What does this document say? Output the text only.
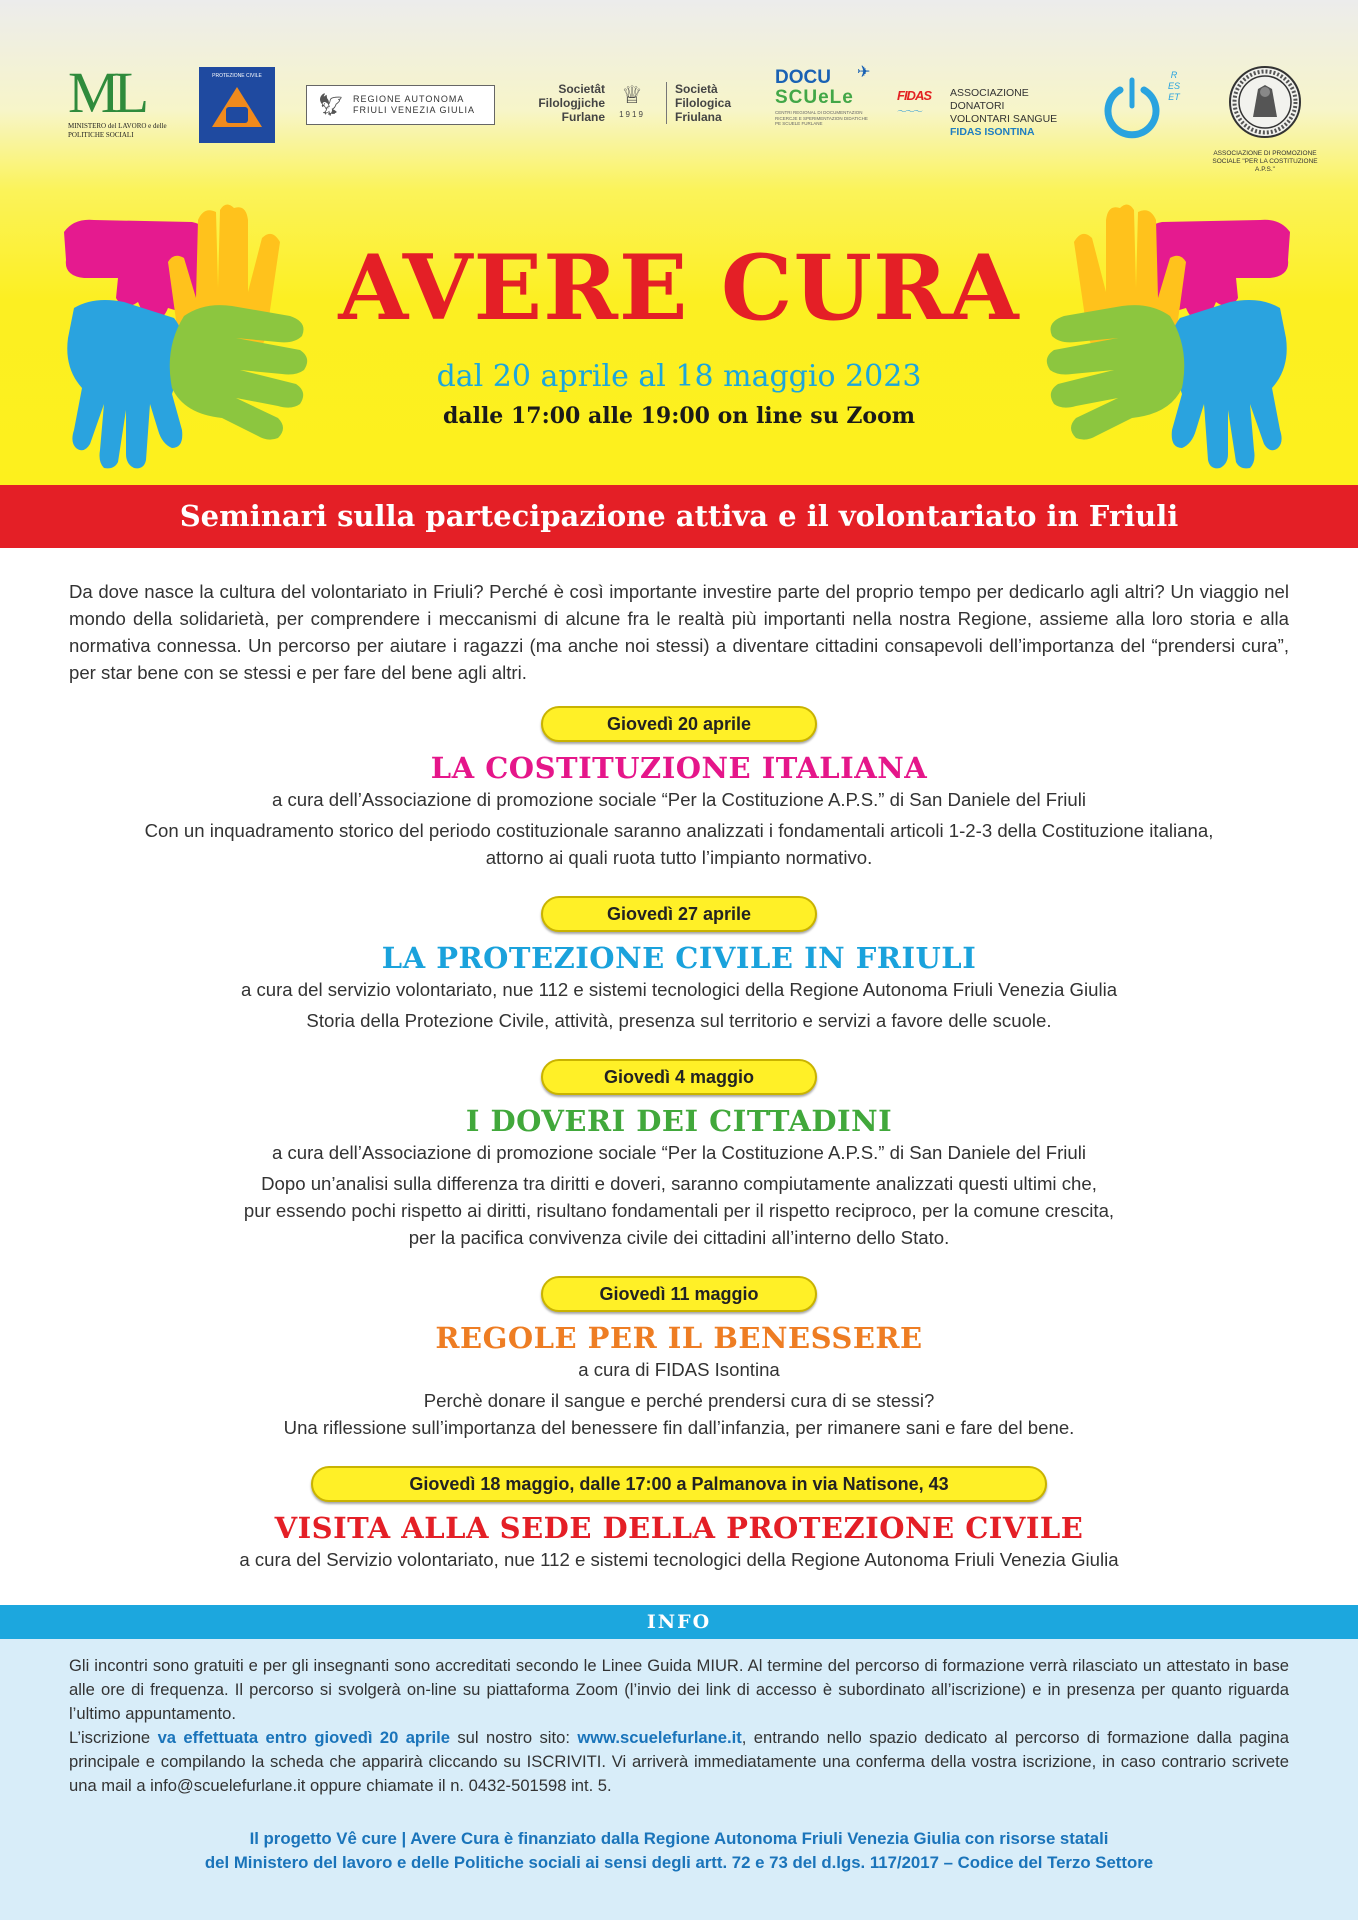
ML
MINISTERO del LAVORO e delle POLITICHE SOCIALI
PROTEZIONE CIVILE
🦅︎ REGIONE AUTONOMA
FRIULI VENEZIA GIULIA
Societât
Filologjiche
Furlane
♕
1919
Società
Filologica
Friulana
✈
DOCU
SCUeLe
CENTRI REGIONAL DI DOCUMENTAZION RICERCJE E SPERIMENTAZION DIDATICHE PE SCUELE FURLANE
FIDAS
〜〜〜
ASSOCIAZIONE DONATORI
VOLONTARI SANGUE
FIDAS ISONTINA
RESET
ASSOCIAZIONE DI PROMOZIONE SOCIALE "PER LA COSTITUZIONE A.P.S."
AVERE CURA
dal 20 aprile al 18 maggio 2023
dalle 17:00 alle 19:00 on line su Zoom
Seminari sulla partecipazione attiva e il volontariato in Friuli
Da dove nasce la cultura del volontariato in Friuli? Perché è così importante investire parte del proprio tempo per dedicarlo agli altri? Un viaggio nel mondo della solidarietà, per comprendere i meccanismi di alcune fra le realtà più importanti nella nostra Regione, assieme alla loro storia e alla normativa connessa. Un percorso per aiutare i ragazzi (ma anche noi stessi) a diventare cittadini consapevoli dell’importanza del “prendersi cura”, per star bene con se stessi e per fare del bene agli altri.
Giovedì 20 aprile
LA COSTITUZIONE ITALIANA
a cura dell’Associazione di promozione sociale “Per la Costituzione A.P.S.” di San Daniele del Friuli
Con un inquadramento storico del periodo costituzionale saranno analizzati i fondamentali articoli 1-2-3 della Costituzione italiana,
attorno ai quali ruota tutto l’impianto normativo.
Giovedì 27 aprile
LA PROTEZIONE CIVILE IN FRIULI
a cura del servizio volontariato, nue 112 e sistemi tecnologici della Regione Autonoma Friuli Venezia Giulia
Storia della Protezione Civile, attività, presenza sul territorio e servizi a favore delle scuole.
Giovedì 4 maggio
I DOVERI DEI CITTADINI
a cura dell’Associazione di promozione sociale “Per la Costituzione A.P.S.” di San Daniele del Friuli
Dopo un’analisi sulla differenza tra diritti e doveri, saranno compiutamente analizzati questi ultimi che,
pur essendo pochi rispetto ai diritti, risultano fondamentali per il rispetto reciproco, per la comune crescita,
per la pacifica convivenza civile dei cittadini all’interno dello Stato.
Giovedì 11 maggio
REGOLE PER IL BENESSERE
a cura di FIDAS Isontina
Perchè donare il sangue e perché prendersi cura di se stessi?
Una riflessione sull’importanza del benessere fin dall’infanzia, per rimanere sani e fare del bene.
Giovedì 18 maggio, dalle 17:00 a Palmanova in via Natisone, 43
VISITA ALLA SEDE DELLA PROTEZIONE CIVILE
a cura del Servizio volontariato, nue 112 e sistemi tecnologici della Regione Autonoma Friuli Venezia Giulia
INFO
Gli incontri sono gratuiti e per gli insegnanti sono accreditati secondo le Linee Guida MIUR. Al termine del percorso di formazione verrà rilasciato un attestato in base alle ore di frequenza. Il percorso si svolgerà on-line su piattaforma Zoom (l’invio dei link di accesso è subordinato all’iscrizione) e in presenza per quanto riguarda l’ultimo appuntamento.
L’iscrizione va effettuata entro giovedì 20 aprile sul nostro sito: www.scuelefurlane.it, entrando nello spazio dedicato al percorso di formazione dalla pagina principale e compilando la scheda che apparirà cliccando su ISCRIVITI. Vi arriverà immediatamente una conferma della vostra iscrizione, in caso contrario scrivete una mail a info@scuelefurlane.it oppure chiamate il n. 0432-501598 int. 5.
Il progetto Vê cure | Avere Cura è finanziato dalla Regione Autonoma Friuli Venezia Giulia con risorse statali
del Ministero del lavoro e delle Politiche sociali ai sensi degli artt. 72 e 73 del d.lgs. 117/2017 – Codice del Terzo Settore
